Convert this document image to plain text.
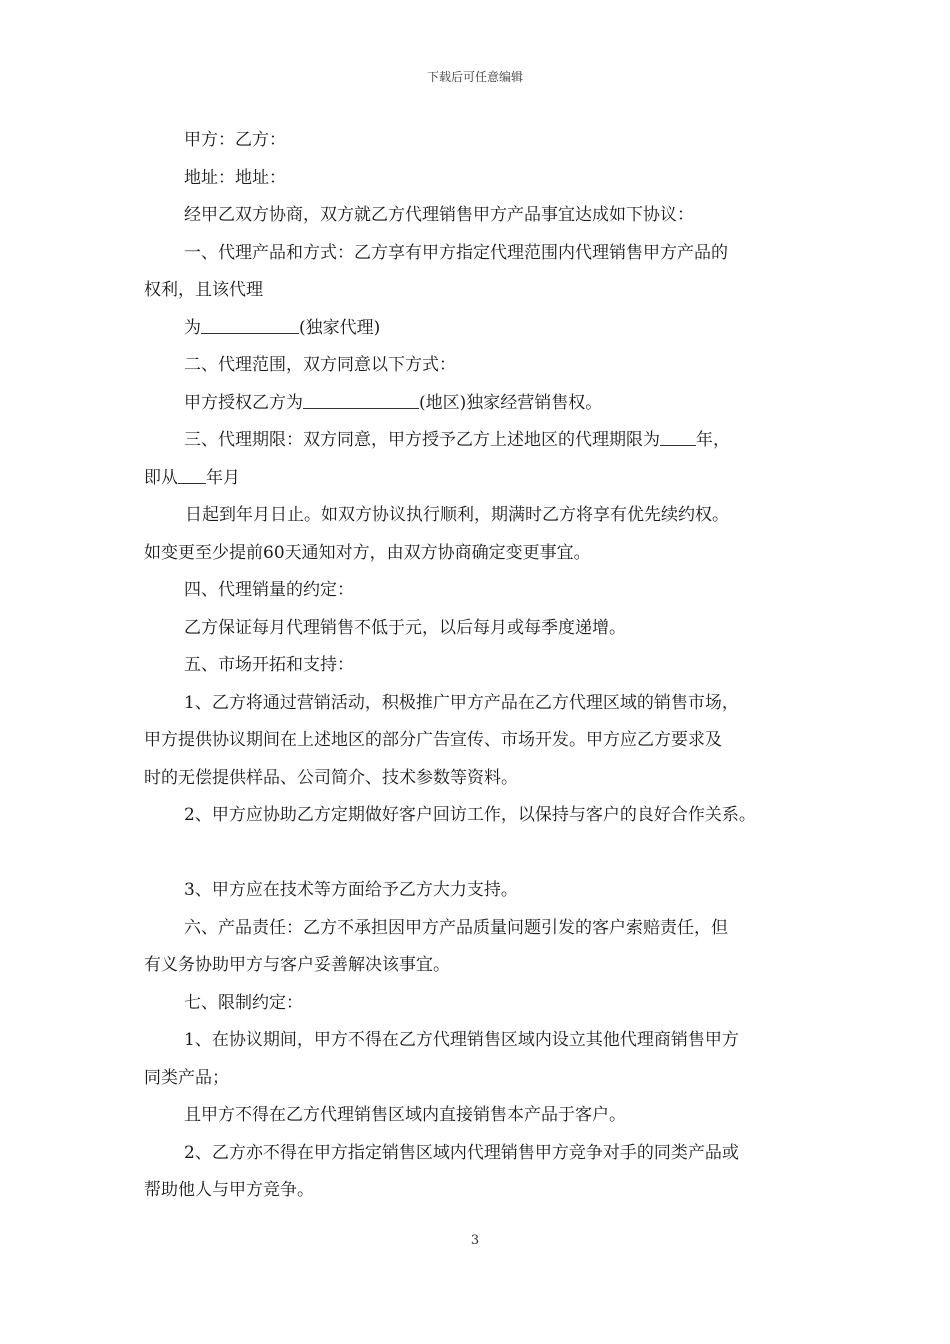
下载后可任意编辑
甲方：乙方：
地址：地址：
经甲乙双方协商，双方就乙方代理销售甲方产品事宜达成如下协议：
一、代理产品和方式：乙方享有甲方指定代理范围内代理销售甲方产品的
权利，且该代理
为	(独家代理)
二、代理范围，双方同意以下方式：
甲方授权乙方为	(地区)独家经营销售权。
三、代理期限：双方同意，甲方授予乙方上述地区的代理期限为 年，
即从 年月
日起到年月日止。如双方协议执行顺利，期满时乙方将享有优先续约权。
如变更至少提前60天通知对方，由双方协商确定变更事宜。
四、代理销量的约定：
乙方保证每月代理销售不低于元，以后每月或每季度递增。
五、市场开拓和支持：
1、乙方将通过营销活动，积极推广甲方产品在乙方代理区域的销售市场，
甲方提供协议期间在上述地区的部分广告宣传、市场开发。甲方应乙方要求及
时的无偿提供样品、公司简介、技术参数等资料。
2、甲方应协助乙方定期做好客户回访工作，以保持与客户的良好合作关系。
3、甲方应在技术等方面给予乙方大力支持。
六、产品责任：乙方不承担因甲方产品质量问题引发的客户索赔责任，但
有义务协助甲方与客户妥善解决该事宜。
七、限制约定：
1、在协议期间，甲方不得在乙方代理销售区域内设立其他代理商销售甲方
同类产品；
且甲方不得在乙方代理销售区域内直接销售本产品于客户。
2、乙方亦不得在甲方指定销售区域内代理销售甲方竞争对手的同类产品或
帮助他人与甲方竞争。
3
